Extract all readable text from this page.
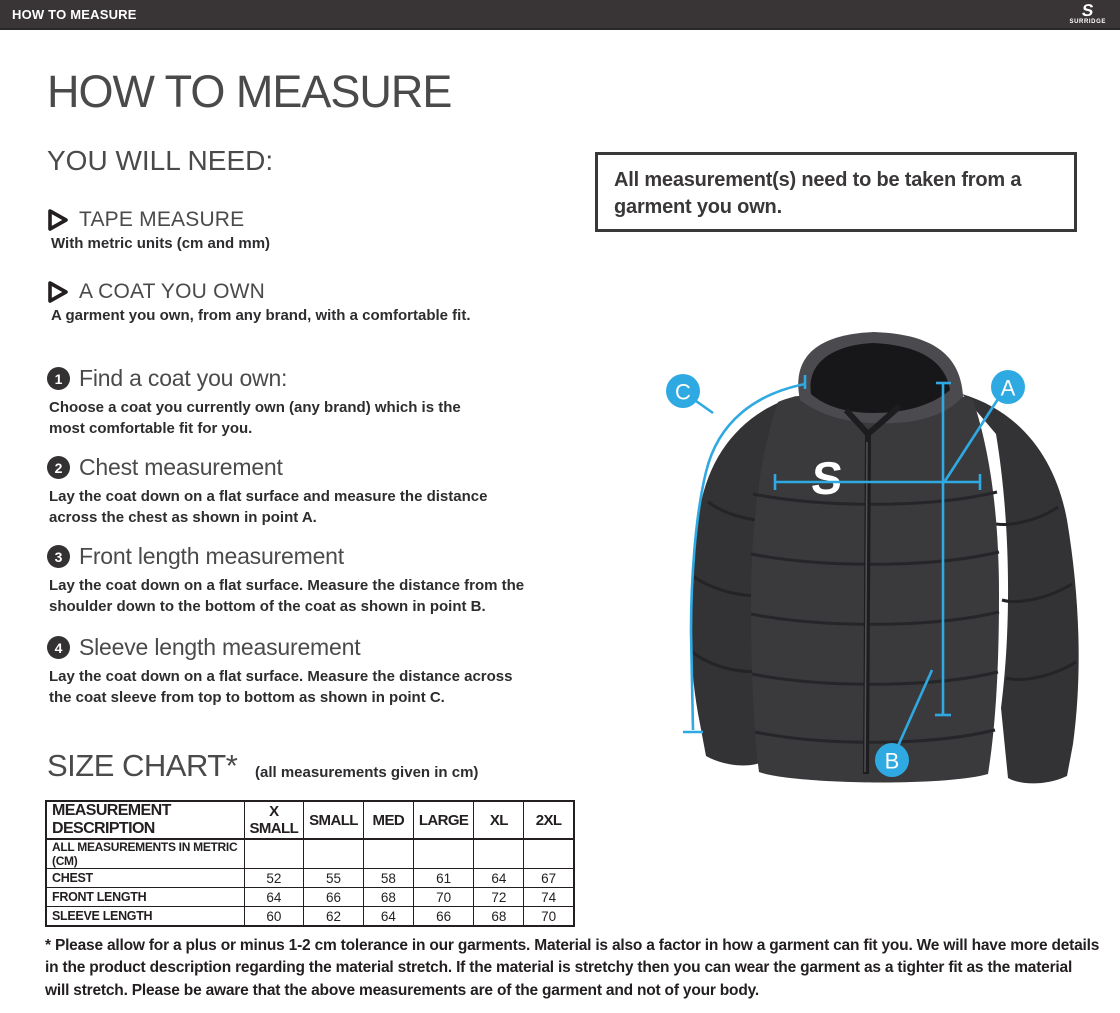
HOW TO MEASURE	S
SURRIDGE
HOW TO MEASURE
YOU WILL NEED:
TAPE MEASURE

With metric units (cm and mm)

A COAT YOU OWN

A garment you own, from any brand, with a comfortable fit.

All measurement(s) need to be taken from a garment you own.

1 Find a coat you own:

Choose a coat you currently own (any brand) which is the most comfortable fit for you.

2 Chest measurement

Lay the coat down on a flat surface and measure the distance across the chest as shown in point A.

3 Front length measurement

Lay the coat down on a flat surface. Measure the distance from the shoulder down to the bottom of the coat as shown in point B.

4 Sleeve length measurement

Lay the coat down on a flat surface. Measure the distance across the coat sleeve from top to bottom as shown in point C.

S
A
B
C
SIZE CHART* (all measurements given in cm)
MEASUREMENT DESCRIPTION	X SMALL	SMALL	MED	LARGE	XL	2XL
ALL MEASUREMENTS IN METRIC (CM)						
CHEST	52	55	58	61	64	67
FRONT LENGTH	64	66	68	70	72	74
SLEEVE LENGTH	60	62	64	66	68	70

* Please allow for a plus or minus 1-2 cm tolerance in our garments. Material is also a factor in how a garment can fit you. We will have more details in the product description regarding the material stretch. If the material is stretchy then you can wear the garment as a tighter fit as the material will stretch. Please be aware that the above measurements are of the garment and not of your body.
